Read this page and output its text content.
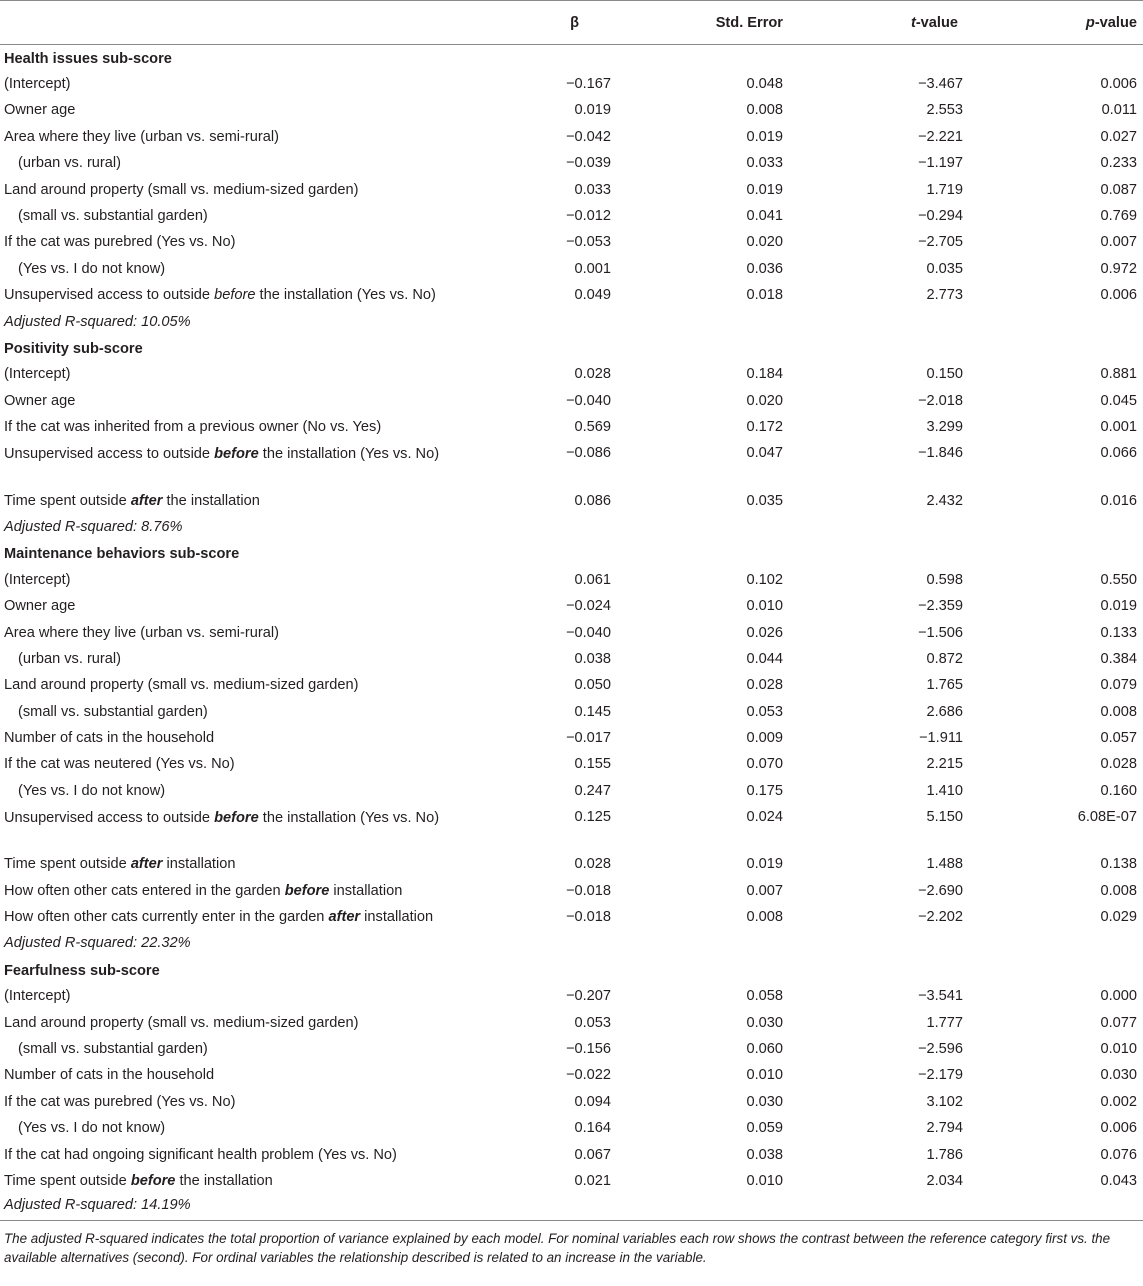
	β	Std. Error	t-value	p-value
Health issues sub-score				
(Intercept)	−0.167	0.048	−3.467	0.006
Owner age	0.019	0.008	2.553	0.011
Area where they live (urban vs. semi-rural)	−0.042	0.019	−2.221	0.027
(urban vs. rural)	−0.039	0.033	−1.197	0.233
Land around property (small vs. medium-sized garden)	0.033	0.019	1.719	0.087
(small vs. substantial garden)	−0.012	0.041	−0.294	0.769
If the cat was purebred (Yes vs. No)	−0.053	0.020	−2.705	0.007
(Yes vs. I do not know)	0.001	0.036	0.035	0.972
Unsupervised access to outside before the installation (Yes vs. No)	0.049	0.018	2.773	0.006
Adjusted R-squared: 10.05%				
Positivity sub-score				
(Intercept)	0.028	0.184	0.150	0.881
Owner age	−0.040	0.020	−2.018	0.045
If the cat was inherited from a previous owner (No vs. Yes)	0.569	0.172	3.299	0.001
Unsupervised access to outside before the installation (Yes vs. No)	−0.086	0.047	−1.846	0.066
Time spent outside after the installation	0.086	0.035	2.432	0.016
Adjusted R-squared: 8.76%				
Maintenance behaviors sub-score				
(Intercept)	0.061	0.102	0.598	0.550
Owner age	−0.024	0.010	−2.359	0.019
Area where they live (urban vs. semi-rural)	−0.040	0.026	−1.506	0.133
(urban vs. rural)	0.038	0.044	0.872	0.384
Land around property (small vs. medium-sized garden)	0.050	0.028	1.765	0.079
(small vs. substantial garden)	0.145	0.053	2.686	0.008
Number of cats in the household	−0.017	0.009	−1.911	0.057
If the cat was neutered (Yes vs. No)	0.155	0.070	2.215	0.028
(Yes vs. I do not know)	0.247	0.175	1.410	0.160
Unsupervised access to outside before the installation (Yes vs. No)	0.125	0.024	5.150	6.08E-07
Time spent outside after installation	0.028	0.019	1.488	0.138
How often other cats entered in the garden before installation	−0.018	0.007	−2.690	0.008
How often other cats currently enter in the garden after installation	−0.018	0.008	−2.202	0.029
Adjusted R-squared: 22.32%				
Fearfulness sub-score				
(Intercept)	−0.207	0.058	−3.541	0.000
Land around property (small vs. medium-sized garden)	0.053	0.030	1.777	0.077
(small vs. substantial garden)	−0.156	0.060	−2.596	0.010
Number of cats in the household	−0.022	0.010	−2.179	0.030
If the cat was purebred (Yes vs. No)	0.094	0.030	3.102	0.002
(Yes vs. I do not know)	0.164	0.059	2.794	0.006
If the cat had ongoing significant health problem (Yes vs. No)	0.067	0.038	1.786	0.076
Time spent outside before the installation	0.021	0.010	2.034	0.043
Adjusted R-squared: 14.19%				
The adjusted R-squared indicates the total proportion of variance explained by each model. For nominal variables each row shows the contrast between the reference category first vs. the available alternatives (second). For ordinal variables the relationship described is related to an increase in the variable.
